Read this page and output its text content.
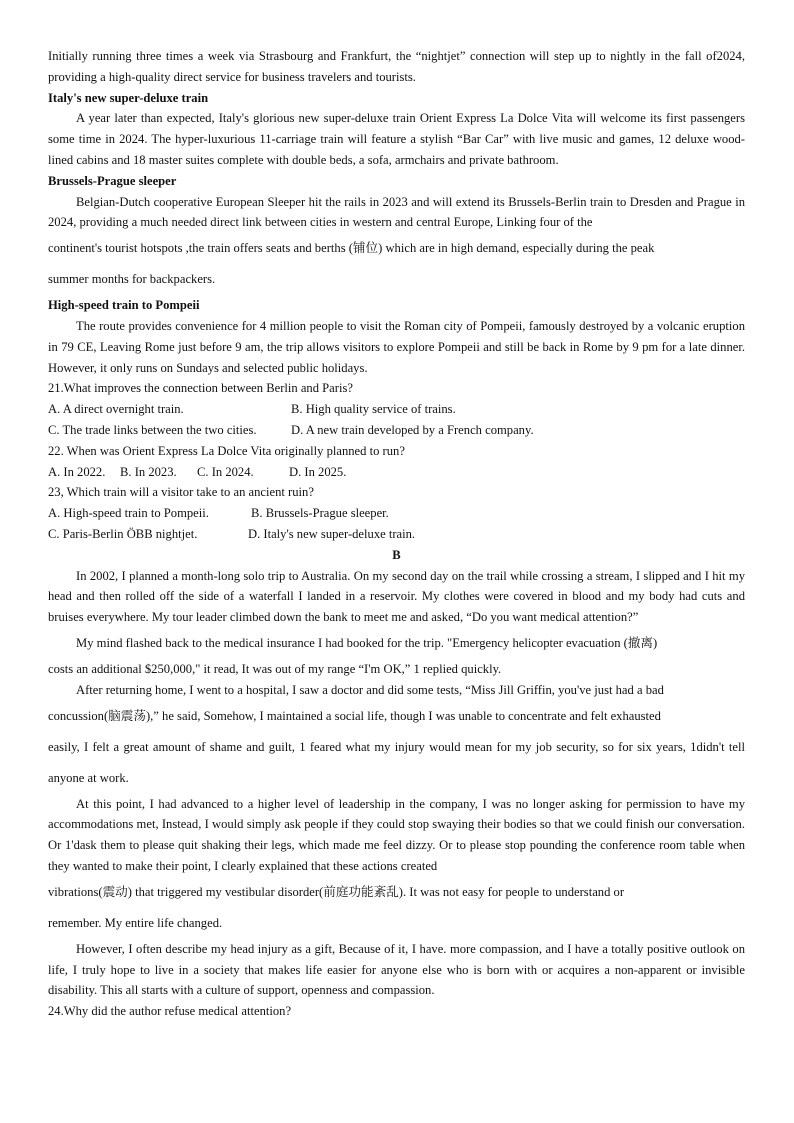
Initially running three times a week via Strasbourg and Frankfurt, the “nightjet” connection will step up to nightly in the fall of2024, providing a high-quality direct service for business travelers and tourists.

Italy's new super-deluxe train

A year later than expected, Italy's glorious new super-deluxe train Orient Express La Dolce Vita will welcome its first passengers some time in 2024. The hyper-luxurious 11-carriage train will feature a stylish “Bar Car” with live music and games, 12 deluxe wood-lined cabins and 18 master suites complete with double beds, a sofa, armchairs and private bathroom.

Brussels-Prague sleeper

Belgian-Dutch cooperative European Sleeper hit the rails in 2023 and will extend its Brussels-Berlin train to Dresden and Prague in 2024, providing a much needed direct link between cities in western and central Europe, Linking four of the

continent's tourist hotspots ,the train offers seats and berths (铺位) which are in high demand, especially during the peak

summer months for backpackers.

High-speed train to Pompeii

The route provides convenience for 4 million people to visit the Roman city of Pompeii, famously destroyed by a volcanic eruption in 79 CE, Leaving Rome just before 9 am, the trip allows visitors to explore Pompeii and still be back in Rome by 9 pm for a late dinner. However, it only runs on Sundays and selected public holidays.

21.What improves the connection between Berlin and Paris?

A. A direct overnight train.	B. High quality service of trains.
C. The trade links between the two cities.	D. A new train developed by a French company.

22. When was Orient Express La Dolce Vita originally planned to run?

A. In 2022.	B. In 2023.	C. In 2024.	D. In 2025.

23, Which train will a visitor take to an ancient ruin?

A. High-speed train to Pompeii.	B. Brussels-Prague sleeper.
C. Paris-Berlin ÖBB nightjet.	D. Italy's new super-deluxe train.

B

In 2002, I planned a month-long solo trip to Australia. On my second day on the trail while crossing a stream, I slipped and I hit my head and then rolled off the side of a waterfall I landed in a reservoir. My clothes were covered in blood and my body had cuts and bruises everywhere. My tour leader climbed down the bank to meet me and asked, “Do you want medical attention?”

My mind flashed back to the medical insurance I had booked for the trip. "Emergency helicopter evacuation (撤离)

costs an additional $250,000," it read, It was out of my range “I'm OK,” 1 replied quickly.

After returning home, I went to a hospital, I saw a doctor and did some tests, “Miss Jill Griffin, you've just had a bad

concussion(脑震荡),” he said, Somehow, I maintained a social life, though I was unable to concentrate and felt exhausted

easily, I felt a great amount of shame and guilt, 1 feared what my injury would mean for my job security, so for six years, 1didn't tell anyone at work.

At this point, I had advanced to a higher level of leadership in the company, I was no longer asking for permission to have my accommodations met, Instead, I would simply ask people if they could stop swaying their bodies so that we could finish our conversation. Or 1'dask them to please quit shaking their legs, which made me feel dizzy. Or to please stop pounding the conference room table when they wanted to make their point, I clearly explained that these actions created

vibrations(震动) that triggered my vestibular disorder(前庭功能紊乱). It was not easy for people to understand or

remember. My entire life changed.

However, I often describe my head injury as a gift, Because of it, I have. more compassion, and I have a totally positive outlook on life, I truly hope to live in a society that makes life easier for anyone else who is born with or acquires a non-apparent or invisible disability. This all starts with a culture of support, openness and compassion.

24.Why did the author refuse medical attention?
